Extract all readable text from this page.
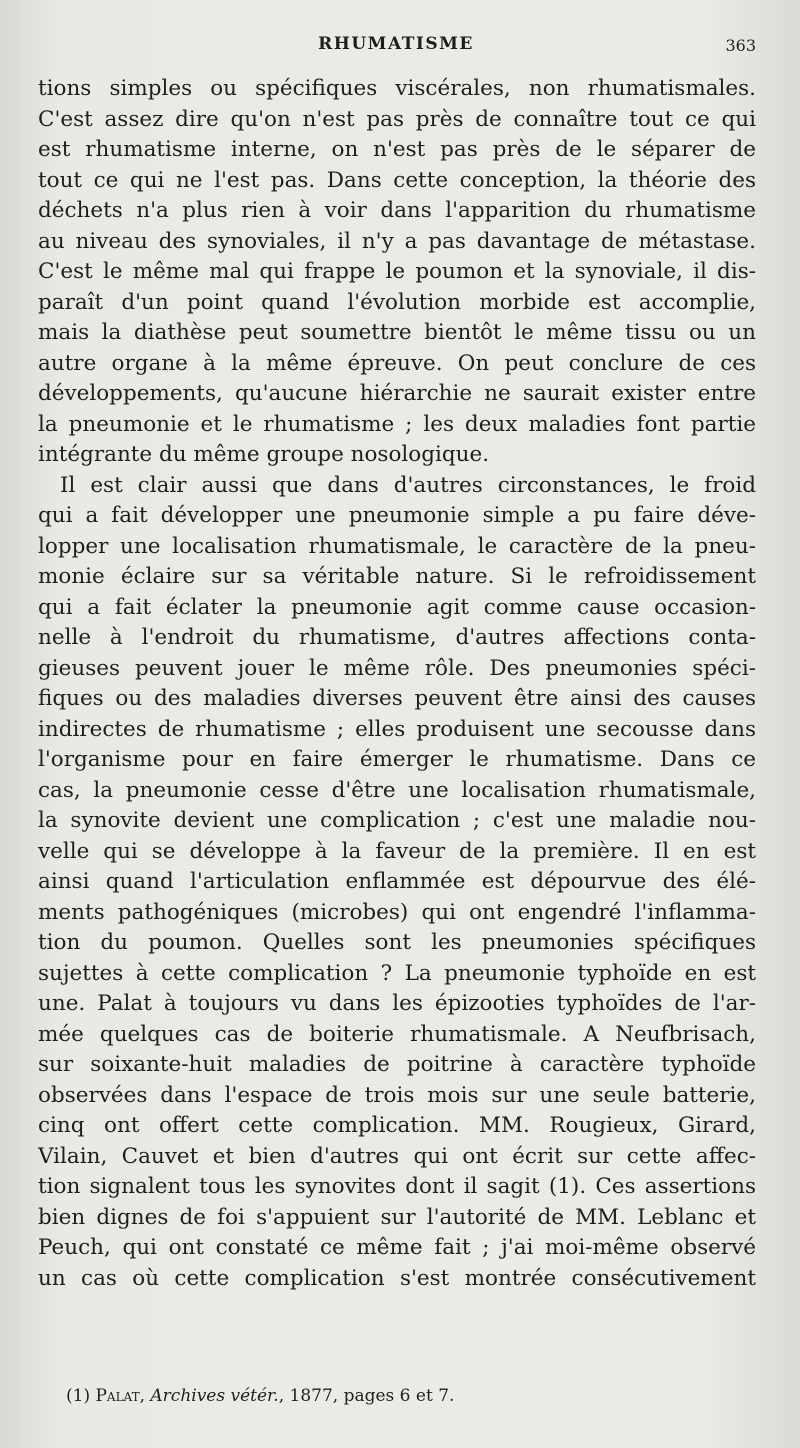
RHUMATISME	363
tions simples ou spécifiques viscérales, non rhumatismales.
C'est assez dire qu'on n'est pas près de connaître tout ce qui
est rhumatisme interne, on n'est pas près de le séparer de
tout ce qui ne l'est pas. Dans cette conception, la théorie des
déchets n'a plus rien à voir dans l'apparition du rhumatisme
au niveau des synoviales, il n'y a pas davantage de métastase.
C'est le même mal qui frappe le poumon et la synoviale, il dis-
paraît d'un point quand l'évolution morbide est accomplie,
mais la diathèse peut soumettre bientôt le même tissu ou un
autre organe à la même épreuve. On peut conclure de ces
développements, qu'aucune hiérarchie ne saurait exister entre
la pneumonie et le rhumatisme ; les deux maladies font partie
intégrante du même groupe nosologique.
Il est clair aussi que dans d'autres circonstances, le froid
qui a fait développer une pneumonie simple a pu faire déve-
lopper une localisation rhumatismale, le caractère de la pneu-
monie éclaire sur sa véritable nature. Si le refroidissement
qui a fait éclater la pneumonie agit comme cause occasion-
nelle à l'endroit du rhumatisme, d'autres affections conta-
gieuses peuvent jouer le même rôle. Des pneumonies spéci-
fiques ou des maladies diverses peuvent être ainsi des causes
indirectes de rhumatisme ; elles produisent une secousse dans
l'organisme pour en faire émerger le rhumatisme. Dans ce
cas, la pneumonie cesse d'être une localisation rhumatismale,
la synovite devient une complication ; c'est une maladie nou-
velle qui se développe à la faveur de la première. Il en est
ainsi quand l'articulation enflammée est dépourvue des élé-
ments pathogéniques (microbes) qui ont engendré l'inflamma-
tion du poumon. Quelles sont les pneumonies spécifiques
sujettes à cette complication ? La pneumonie typhoïde en est
une. Palat à toujours vu dans les épizooties typhoïdes de l'ar-
mée quelques cas de boiterie rhumatismale. A Neufbrisach,
sur soixante-huit maladies de poitrine à caractère typhoïde
observées dans l'espace de trois mois sur une seule batterie,
cinq ont offert cette complication. MM. Rougieux, Girard,
Vilain, Cauvet et bien d'autres qui ont écrit sur cette affec-
tion signalent tous les synovites dont il sagit (1). Ces assertions
bien dignes de foi s'appuient sur l'autorité de MM. Leblanc et
Peuch, qui ont constaté ce même fait ; j'ai moi-même observé
un cas où cette complication s'est montrée consécutivement
(1) Palat, Archives vétér., 1877, pages 6 et 7.
